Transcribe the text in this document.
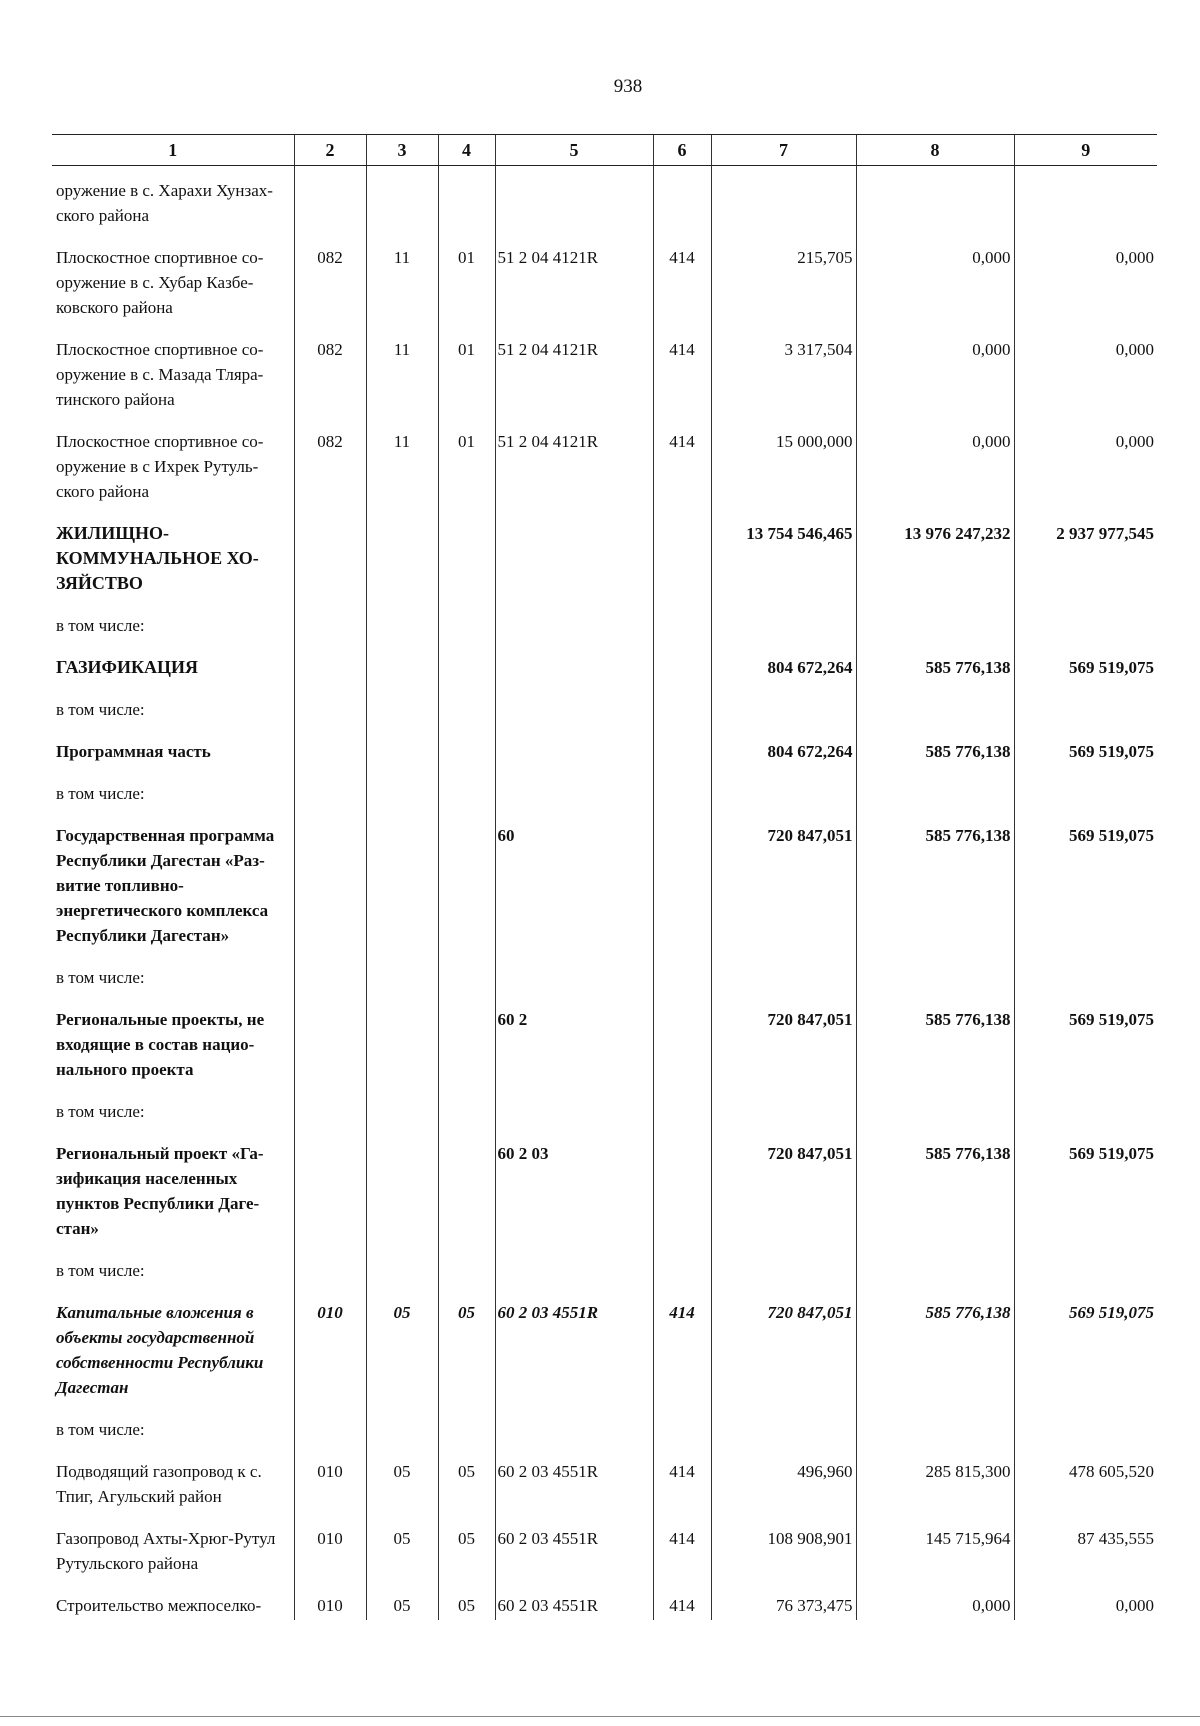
938
1	2	3	4	5	6	7	8	9
оружение в с. Харахи Хунзах-ского района								
Плоскостное спортивное со-оружение в с. Хубар Казбе-ковского района	082	11	01	51 2 04 4121R	414	215,705	0,000	0,000
Плоскостное спортивное со-оружение в с. Мазада Тляра-тинского района	082	11	01	51 2 04 4121R	414	3 317,504	0,000	0,000
Плоскостное спортивное со-оружение в с Ихрек Рутуль-ского района	082	11	01	51 2 04 4121R	414	15 000,000	0,000	0,000
ЖИЛИЩНО-КОММУНАЛЬНОЕ ХО-ЗЯЙСТВО						13 754 546,465	13 976 247,232	2 937 977,545
в том числе:								
ГАЗИФИКАЦИЯ						804 672,264	585 776,138	569 519,075
в том числе:								
Программная часть						804 672,264	585 776,138	569 519,075
в том числе:								
Государственная программа Республики Дагестан «Раз-витие топливно-энергетического комплекса Республики Дагестан»				60		720 847,051	585 776,138	569 519,075
в том числе:								
Региональные проекты, не входящие в состав нацио-нального проекта				60 2		720 847,051	585 776,138	569 519,075
в том числе:								
Региональный проект «Га-зификация населенных пунктов Республики Даге-стан»				60 2 03		720 847,051	585 776,138	569 519,075
в том числе:								
Капитальные вложения в объекты государственной собственности Республики Дагестан	010	05	05	60 2 03 4551R	414	720 847,051	585 776,138	569 519,075
в том числе:								
Подводящий газопровод к с. Тпиг, Агульский район	010	05	05	60 2 03 4551R	414	496,960	285 815,300	478 605,520
Газопровод Ахты-Хрюг-Рутул Рутульского района	010	05	05	60 2 03 4551R	414	108 908,901	145 715,964	87 435,555
Строительство межпоселко-	010	05	05	60 2 03 4551R	414	76 373,475	0,000	0,000
